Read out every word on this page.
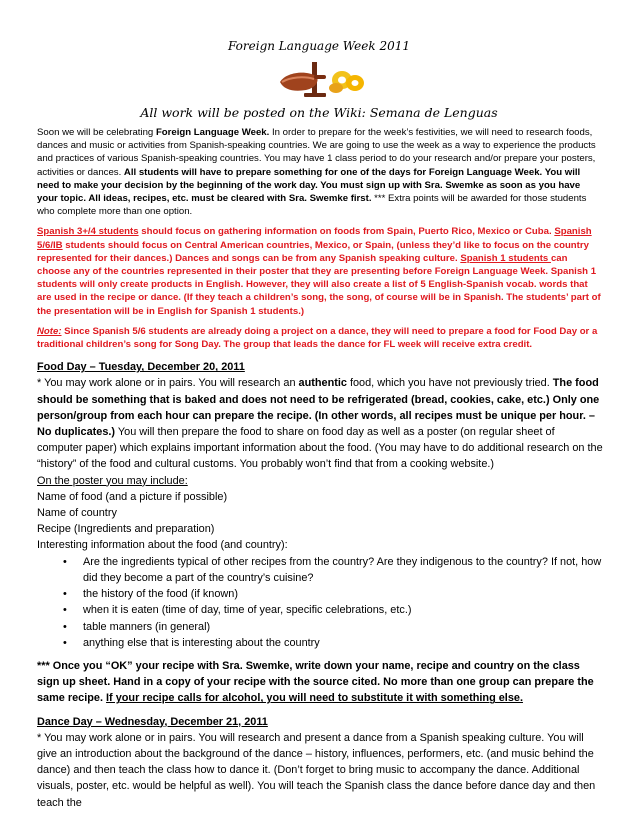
Foreign Language Week 2011
All work will be posted on the Wiki: Semana de Lenguas

Soon we will be celebrating Foreign Language Week. In order to prepare for the week’s festivities, we will need to research foods, dances and music or activities from Spanish-speaking countries. We are going to use the week as a way to experience the products and practices of various Spanish-speaking countries. You may have 1 class period to do your research and/or prepare your posters, activities or dances. All students will have to prepare something for one of the days for Foreign Language Week. You will need to make your decision by the beginning of the work day. You must sign up with Sra. Swemke as soon as you have your topic. All ideas, recipes, etc. must be cleared with Sra. Swemke first. *** Extra points will be awarded for those students who complete more than one option.

Spanish 3+/4 students should focus on gathering information on foods from Spain, Puerto Rico, Mexico or Cuba. Spanish 5/6/IB students should focus on Central American countries, Mexico, or Spain, (unless they’d like to focus on the country represented for their dances.) Dances and songs can be from any Spanish speaking culture. Spanish 1 students can choose any of the countries represented in their poster that they are presenting before Foreign Language Week. Spanish 1 students will only create products in English. However, they will also create a list of 5 English-Spanish vocab. words that are used in the recipe or dance. (If they teach a children’s song, the song, of course will be in Spanish. The students’ part of the presentation will be in English for Spanish 1 students.)

Note: Since Spanish 5/6 students are already doing a project on a dance, they will need to prepare a food for Food Day or a traditional children’s song for Song Day. The group that leads the dance for FL week will receive extra credit.

Food Day – Tuesday, December 20, 2011

* You may work alone or in pairs. You will research an authentic food, which you have not previously tried. The food should be something that is baked and does not need to be refrigerated (bread, cookies, cake, etc.) Only one person/group from each hour can prepare the recipe. (In other words, all recipes must be unique per hour. – No duplicates.) You will then prepare the food to share on food day as well as a poster (on regular sheet of computer paper) which explains important information about the food. (You may have to do additional research on the “history” of the food and cultural customs. You probably won’t find that from a cooking website.)

On the poster you may include:

Name of food (and a picture if possible)

Name of country

Recipe (Ingredients and preparation)

Interesting information about the food (and country):

• Are the ingredients typical of other recipes from the country? Are they indigenous to the country? If not, how did they become a part of the country’s cuisine?
• the history of the food (if known)
• when it is eaten (time of day, time of year, specific celebrations, etc.)
• table manners (in general)
• anything else that is interesting about the country

*** Once you “OK” your recipe with Sra. Swemke, write down your name, recipe and country on the class sign up sheet. Hand in a copy of your recipe with the source cited. No more than one group can prepare the same recipe. If your recipe calls for alcohol, you will need to substitute it with something else.

Dance Day – Wednesday, December 21, 2011

* You may work alone or in pairs. You will research and present a dance from a Spanish speaking culture. You will give an introduction about the background of the dance – history, influences, performers, etc. (and music behind the dance) and then teach the class how to dance it. (Don’t forget to bring music to accompany the dance. Additional visuals, poster, etc. would be helpful as well). You will teach the Spanish class the dance before dance day and then teach the
